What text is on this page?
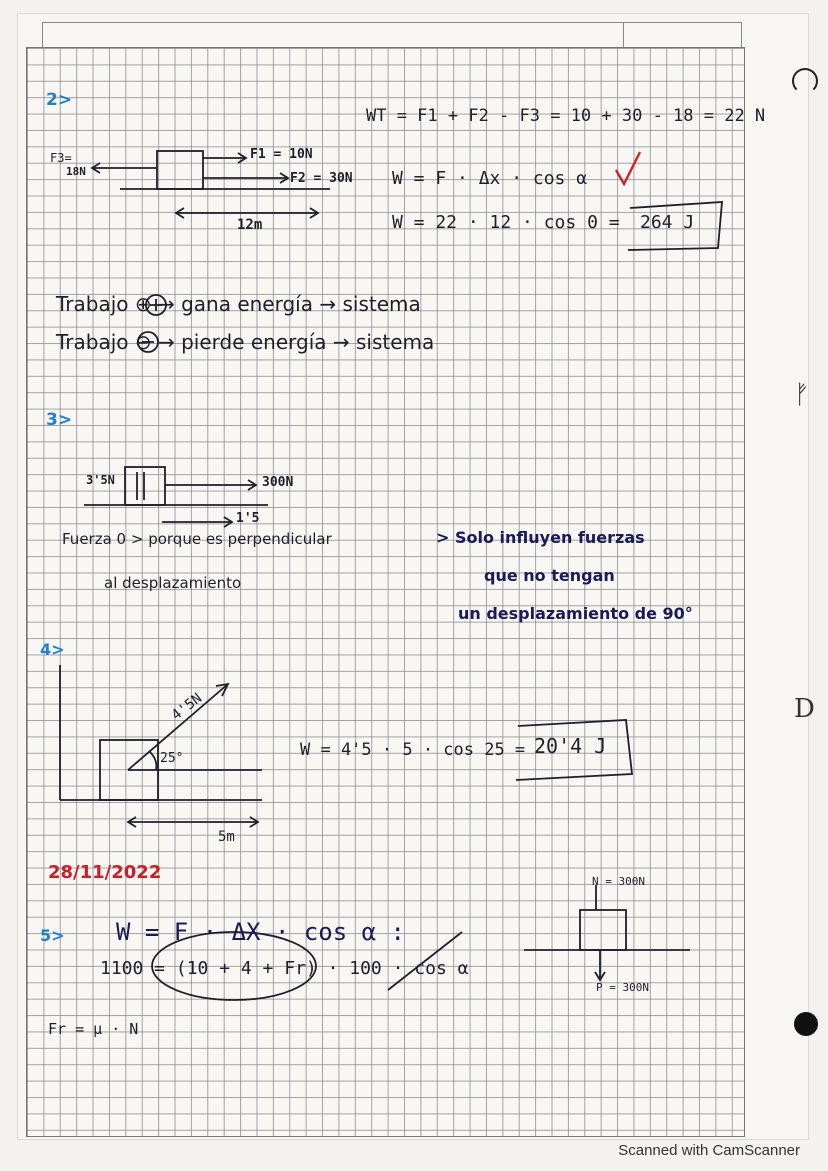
ᚠ
D
2>
F3=
18N
F1 = 10N
F2 = 30N
12m
WT = F1 + F2 - F3 = 10 + 30 - 18 = 22 N
W = F · Δx · cos α
W = 22 · 12 · cos 0 = 264 J
Trabajo ⊕ → gana energía → sistema
Trabajo ⊖ → pierde energía → sistema
3>
3'5N	300N
1'5
Fuerza 0 > porque es perpendicular
al desplazamiento
> Solo influyen fuerzas
que no tengan
un desplazamiento de 90°
4>
4'5N
25°
5m
W = 4'5 · 5 · cos 25 = 20'4 J
28/11/2022
5> W = F · ΔX · cos α :
1100 = (10 + 4 + Fr) · 100 · cos α
Fr = μ · N
N = 300N
P = 300N
Scanned with CamScanner
